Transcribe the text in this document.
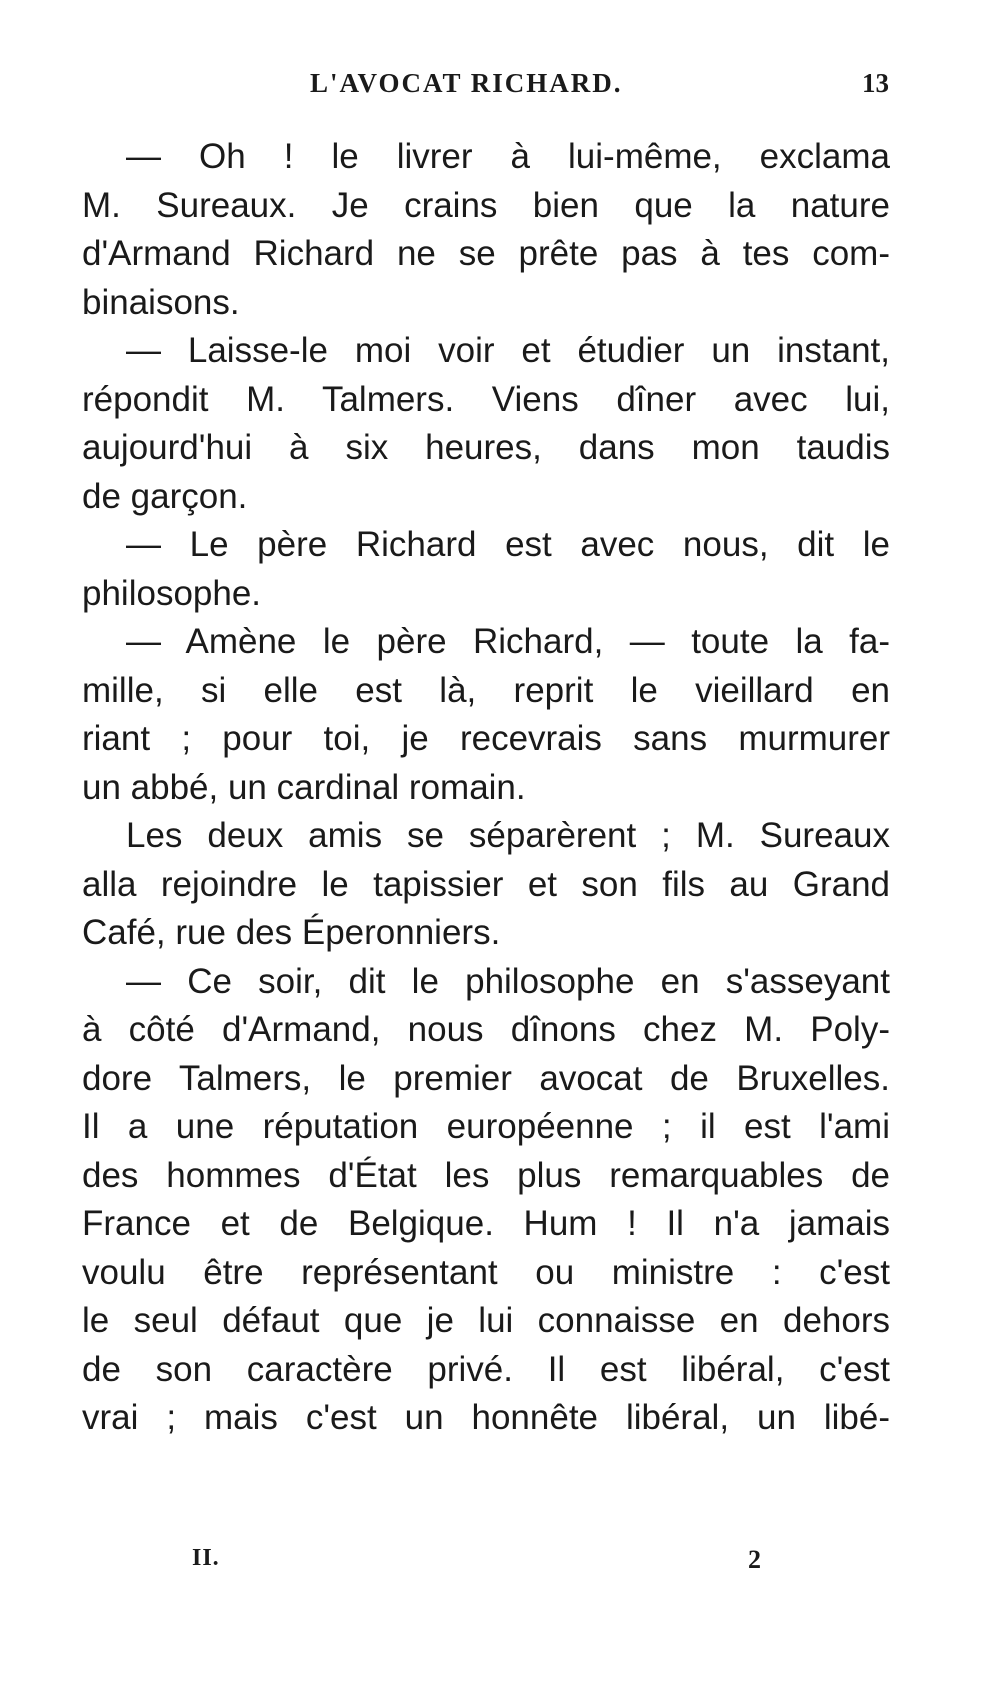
L'AVOCAT RICHARD.	13
— Oh ! le livrer à lui-même, exclama
M. Sureaux. Je crains bien que la nature
d'Armand Richard ne se prête pas à tes com-
binaisons.
— Laisse-le moi voir et étudier un instant,
répondit M. Talmers. Viens dîner avec lui,
aujourd'hui à six heures, dans mon taudis
de garçon.
— Le père Richard est avec nous, dit le
philosophe.
— Amène le père Richard, — toute la fa-
mille, si elle est là, reprit le vieillard en
riant ; pour toi, je recevrais sans murmurer
un abbé, un cardinal romain.
Les deux amis se séparèrent ; M. Sureaux
alla rejoindre le tapissier et son fils au Grand
Café, rue des Éperonniers.
— Ce soir, dit le philosophe en s'asseyant
à côté d'Armand, nous dînons chez M. Poly-
dore Talmers, le premier avocat de Bruxelles.
Il a une réputation européenne ; il est l'ami
des hommes d'État les plus remarquables de
France et de Belgique. Hum ! Il n'a jamais
voulu être représentant ou ministre : c'est
le seul défaut que je lui connaisse en dehors
de son caractère privé. Il est libéral, c'est
vrai ; mais c'est un honnête libéral, un libé-
II.	2
